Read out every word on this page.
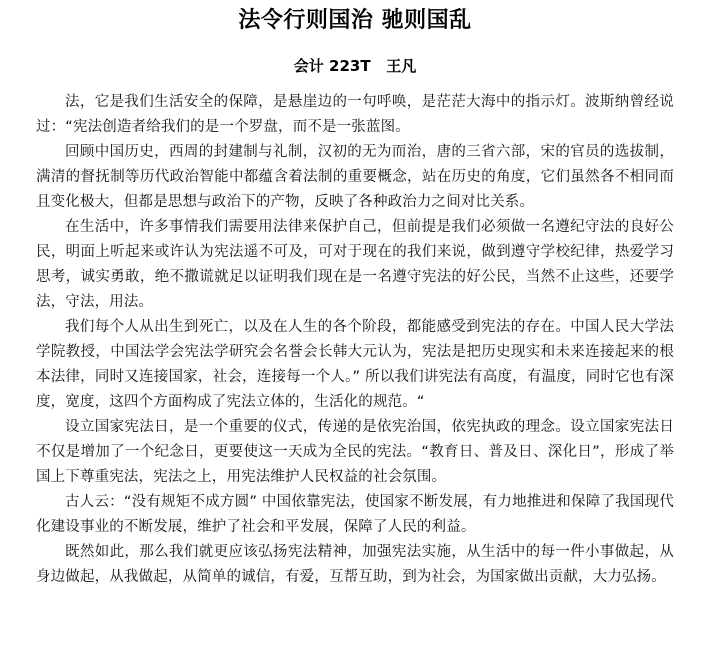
法令行则国治 驰则国乱
会计 223T   王凡

法，它是我们生活安全的保障，是悬崖边的一句呼唤，是茫茫大海中的指示灯。波斯纳曾经说过：“宪法创造者给我们的是一个罗盘，而不是一张蓝图。

回顾中国历史，西周的封建制与礼制，汉初的无为而治，唐的三省六部，宋的官员的选拔制，满清的督抚制等历代政治智能中都蕴含着法制的重要概念，站在历史的角度，它们虽然各不相同而且变化极大，但都是思想与政治下的产物，反映了各种政治力之间对比关系。

在生活中，许多事情我们需要用法律来保护自己，但前提是我们必须做一名遵纪守法的良好公民，明面上听起来或许认为宪法遥不可及，可对于现在的我们来说，做到遵守学校纪律，热爱学习思考，诚实勇敢，绝不撒谎就足以证明我们现在是一名遵守宪法的好公民，当然不止这些，还要学法，守法，用法。

我们每个人从出生到死亡，以及在人生的各个阶段，都能感受到宪法的存在。中国人民大学法学院教授，中国法学会宪法学研究会名誉会长韩大元认为，宪法是把历史现实和未来连接起来的根本法律，同时又连接国家，社会，连接每一个人。” 所以我们讲宪法有高度，有温度，同时它也有深度，宽度，这四个方面构成了宪法立体的，生活化的规范。“

设立国家宪法日，是一个重要的仪式，传递的是依宪治国，依宪执政的理念。设立国家宪法日不仅是增加了一个纪念日，更要使这一天成为全民的宪法。“教育日、普及日、深化日”，形成了举国上下尊重宪法，宪法之上，用宪法维护人民权益的社会氛围。

古人云：“没有规矩不成方圆” 中国依靠宪法，使国家不断发展，有力地推进和保障了我国现代化建设事业的不断发展，维护了社会和平发展，保障了人民的利益。

既然如此，那么我们就更应该弘扬宪法精神，加强宪法实施，从生活中的每一件小事做起，从身边做起，从我做起，从简单的诚信，有爱，互帮互助，到为社会，为国家做出贡献，大力弘扬。
